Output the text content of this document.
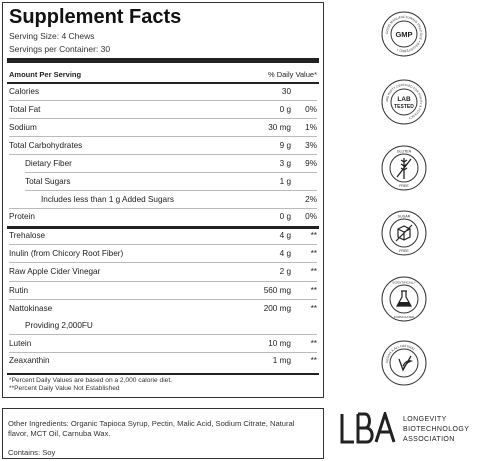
Supplement Facts
Serving Size: 4 Chews
Servings per Container: 30
Amount Per Serving	% Daily Value*
Calories	30
Total Fat	0 g 0%
Sodium	30 mg 1%
Total Carbohydrates	9 g 3%
Dietary Fiber	3 g 9%
Total Sugars	1 g
Includes less than 1 g Added Sugars	2%
Protein	0 g 0%
Trehalose	4 g **
Inulin (from Chicory Root Fiber)	4 g **
Raw Apple Cider Vinegar	2 g **
Rutin	560 mg **
Nattokinase	200 mg **
Providing 2,000FU
Lutein	10 mg **
Zeaxanthin	1 mg **
*Percent Daily Values are based on a 2,000 calorie diet.
**Percent Daily Value Not Established
Other Ingredients: Organic Tapioca Syrup, Pectin, Malic Acid, Sodium Citrate, Natural flavor, MCT Oil, Carnuba Wax.
Contains: Soy
GOOD MANUFACTURING PRACTICE • REGISTERED •
GMP
3RD PARTY CERTIFIED FOR PURITY & POTENCY
LAB
TESTED
GLUTEN
FREE
SUGAR
FREE
SCIENTIFICALLY
FORMULATED
VEGAN & ALL NATURAL
LONGEVITY
BIOTECHNOLOGY
ASSOCIATION
